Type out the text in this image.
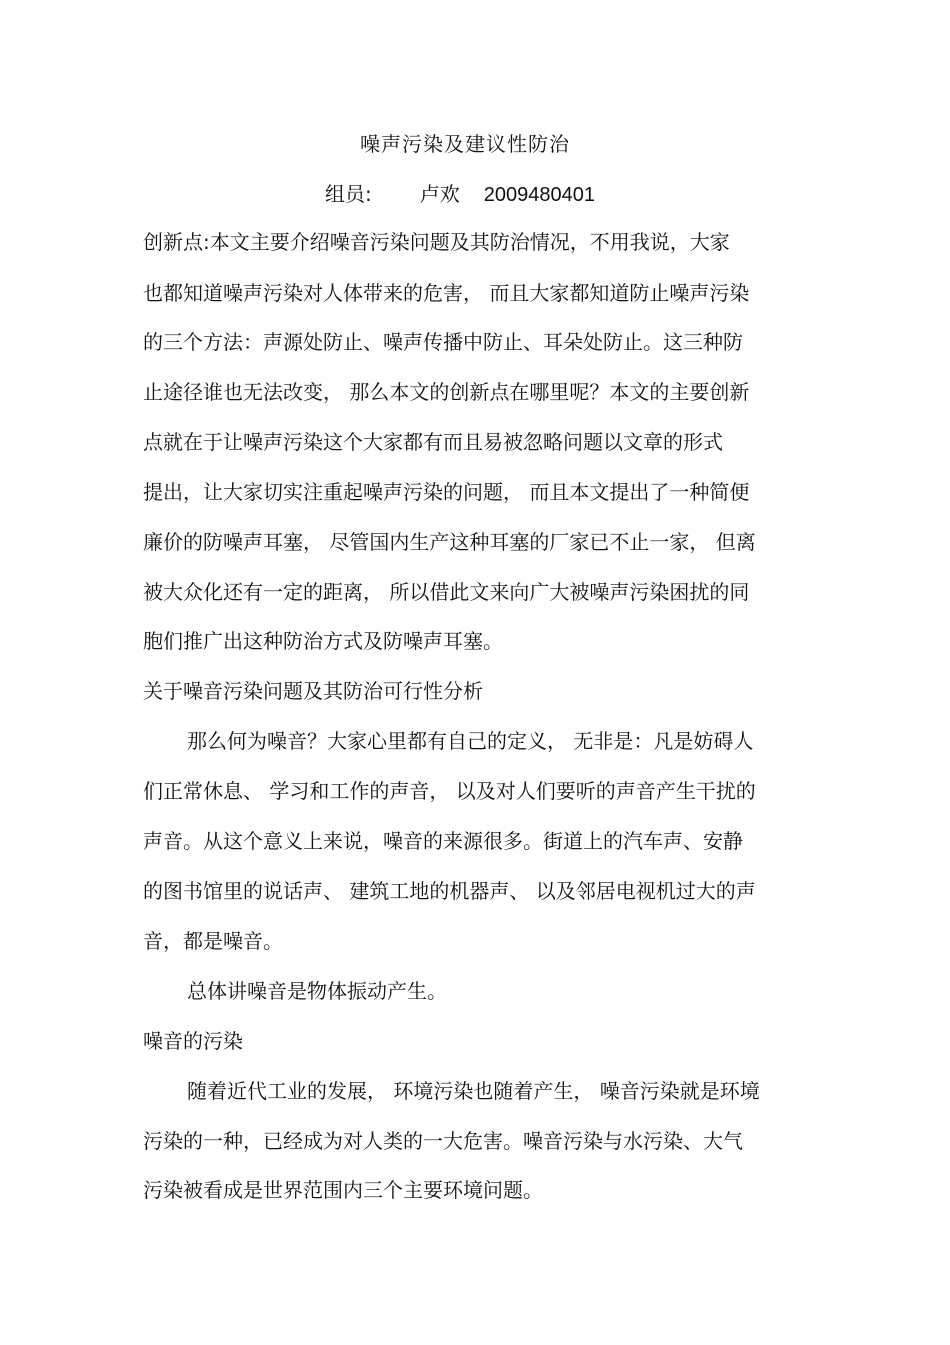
噪声污染及建议性防治
组员: 卢欢 2009480401
创新点:本文主要介绍噪音污染问题及其防治情况，不用我说，大家
也都知道噪声污染对人体带来的危害， 而且大家都知道防止噪声污染
的三个方法：声源处防止、噪声传播中防止、耳朵处防止。这三种防
止途径谁也无法改变， 那么本文的创新点在哪里呢？本文的主要创新
点就在于让噪声污染这个大家都有而且易被忽略问题以文章的形式
提出，让大家切实注重起噪声污染的问题， 而且本文提出了一种简便
廉价的防噪声耳塞， 尽管国内生产这种耳塞的厂家已不止一家， 但离
被大众化还有一定的距离， 所以借此文来向广大被噪声污染困扰的同
胞们推广出这种防治方式及防噪声耳塞。
关于噪音污染问题及其防治可行性分析
那么何为噪音？大家心里都有自己的定义， 无非是：凡是妨碍人
们正常休息、 学习和工作的声音， 以及对人们要听的声音产生干扰的
声音。从这个意义上来说，噪音的来源很多。街道上的汽车声、安静
的图书馆里的说话声、 建筑工地的机器声、 以及邻居电视机过大的声
音，都是噪音。
总体讲噪音是物体振动产生。
噪音的污染
随着近代工业的发展， 环境污染也随着产生， 噪音污染就是环境
污染的一种，已经成为对人类的一大危害。噪音污染与水污染、大气
污染被看成是世界范围内三个主要环境问题。
